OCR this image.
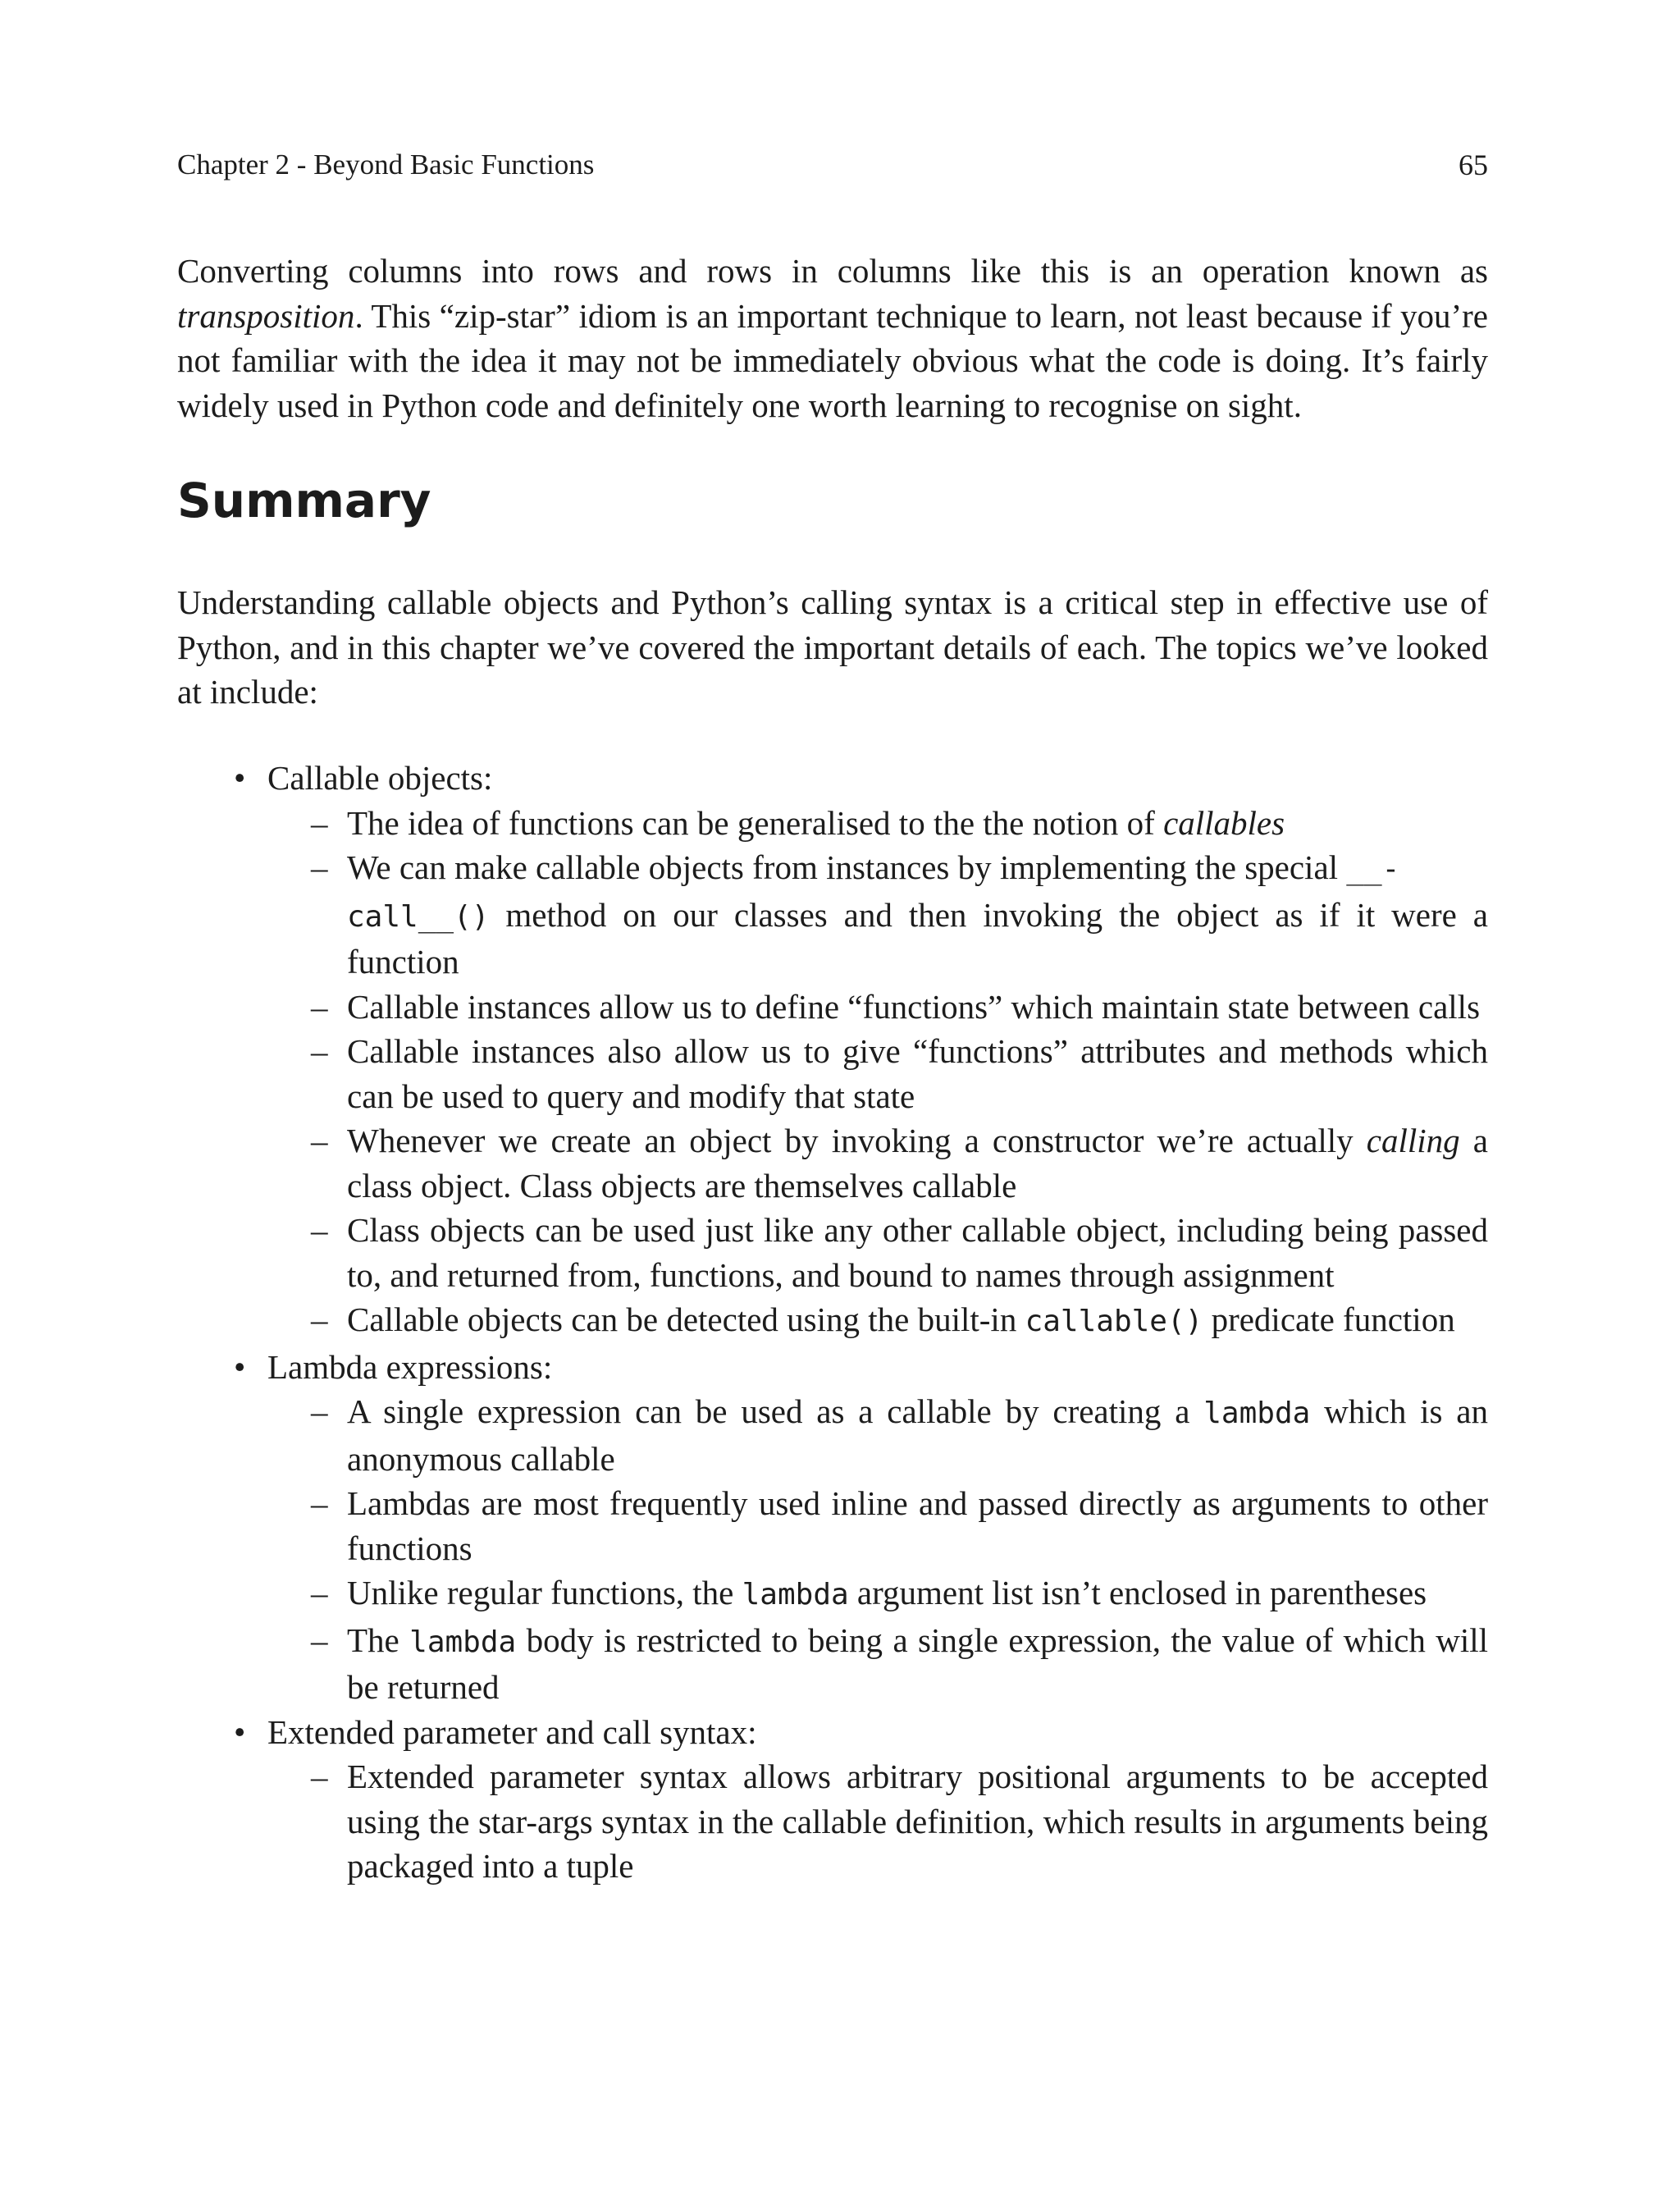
Chapter 2 - Beyond Basic Functions	65

Converting columns into rows and rows in columns like this is an operation known as transposition. This “zip-star” idiom is an important technique to learn, not least because if you’re not familiar with the idea it may not be immediately obvious what the code is doing. It’s fairly widely used in Python code and definitely one worth learning to recognise on sight.

Summary

Understanding callable objects and Python’s calling syntax is a critical step in effective use of Python, and in this chapter we’ve covered the important details of each. The topics we’ve looked at include:

• Callable objects:
– The idea of functions can be generalised to the the notion of callables
– We can make callable objects from instances by implementing the special __-
call__() method on our classes and then invoking the object as if it were a function
– Callable instances allow us to define “functions” which maintain state between calls
– Callable instances also allow us to give “functions” attributes and methods which can be used to query and modify that state
– Whenever we create an object by invoking a constructor we’re actually calling a class object. Class objects are themselves callable
– Class objects can be used just like any other callable object, including being passed to, and returned from, functions, and bound to names through assignment
– Callable objects can be detected using the built-in callable() predicate function
• Lambda expressions:
– A single expression can be used as a callable by creating a lambda which is an anonymous callable
– Lambdas are most frequently used inline and passed directly as arguments to other functions
– Unlike regular functions, the lambda argument list isn’t enclosed in parentheses
– The lambda body is restricted to being a single expression, the value of which will be returned
• Extended parameter and call syntax:
– Extended parameter syntax allows arbitrary positional arguments to be accepted using the star-args syntax in the callable definition, which results in arguments being packaged into a tuple
